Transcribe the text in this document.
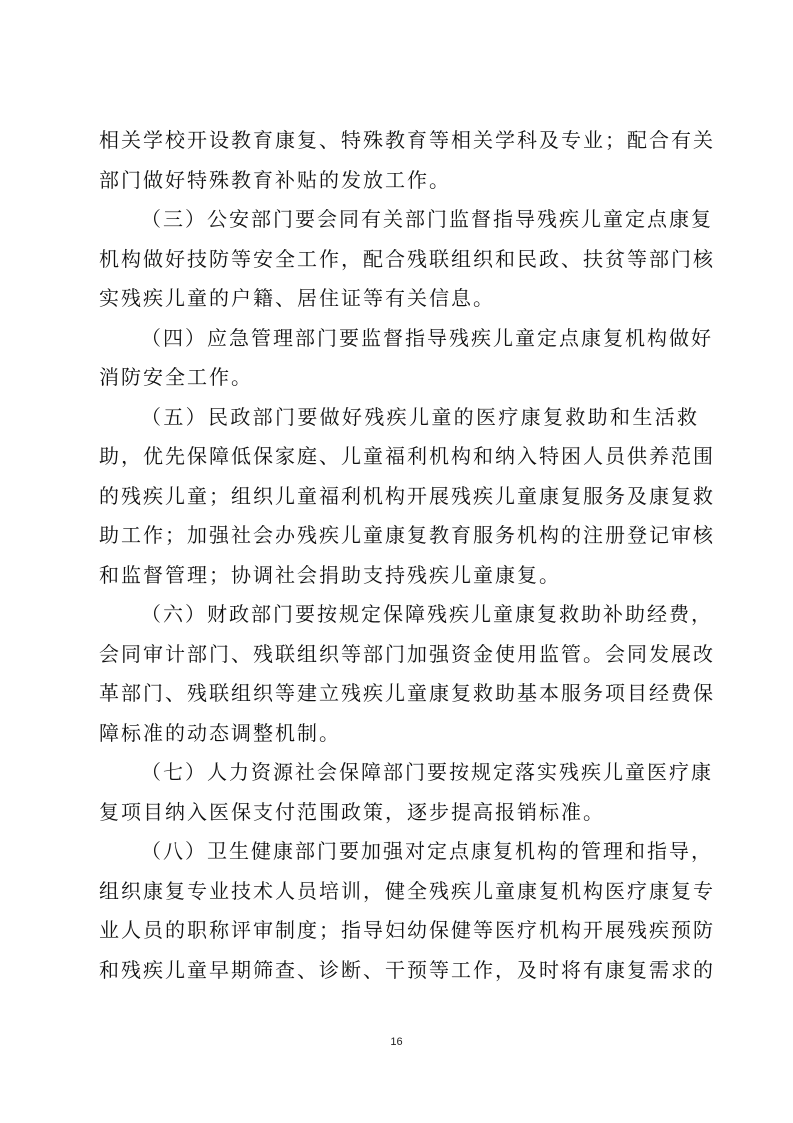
相关学校开设教育康复、特殊教育等相关学科及专业；配合有关
部门做好特殊教育补贴的发放工作。
（三）公安部门要会同有关部门监督指导残疾儿童定点康复
机构做好技防等安全工作，配合残联组织和民政、扶贫等部门核
实残疾儿童的户籍、居住证等有关信息。
（四）应急管理部门要监督指导残疾儿童定点康复机构做好
消防安全工作。
（五）民政部门要做好残疾儿童的医疗康复救助和生活救
助，优先保障低保家庭、儿童福利机构和纳入特困人员供养范围
的残疾儿童；组织儿童福利机构开展残疾儿童康复服务及康复救
助工作；加强社会办残疾儿童康复教育服务机构的注册登记审核
和监督管理；协调社会捐助支持残疾儿童康复。
（六）财政部门要按规定保障残疾儿童康复救助补助经费，
会同审计部门、残联组织等部门加强资金使用监管。会同发展改
革部门、残联组织等建立残疾儿童康复救助基本服务项目经费保
障标准的动态调整机制。
（七）人力资源社会保障部门要按规定落实残疾儿童医疗康
复项目纳入医保支付范围政策，逐步提高报销标准。
（八）卫生健康部门要加强对定点康复机构的管理和指导，
组织康复专业技术人员培训，健全残疾儿童康复机构医疗康复专
业人员的职称评审制度；指导妇幼保健等医疗机构开展残疾预防
和残疾儿童早期筛查、诊断、干预等工作，及时将有康复需求的
16
